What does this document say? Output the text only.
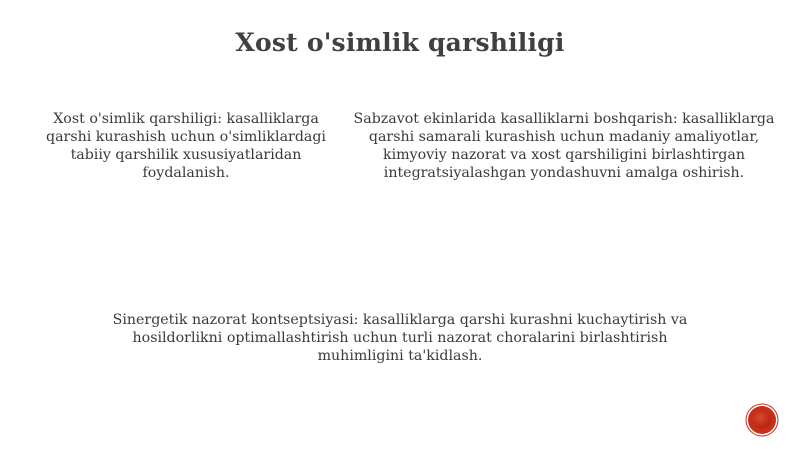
Xost o'simlik qarshiligi
Xost o'simlik qarshiligi: kasalliklarga qarshi kurashish uchun o'simliklardagi tabiiy qarshilik xususiyatlaridan foydalanish.
Sabzavot ekinlarida kasalliklarni boshqarish: kasalliklarga qarshi samarali kurashish uchun madaniy amaliyotlar, kimyoviy nazorat va xost qarshiligini birlashtirgan integratsiyalashgan yondashuvni amalga oshirish.
Sinergetik nazorat kontseptsiyasi: kasalliklarga qarshi kurashni kuchaytirish va hosildorlikni optimallashtirish uchun turli nazorat choralarini birlashtirish muhimligini ta'kidlash.
